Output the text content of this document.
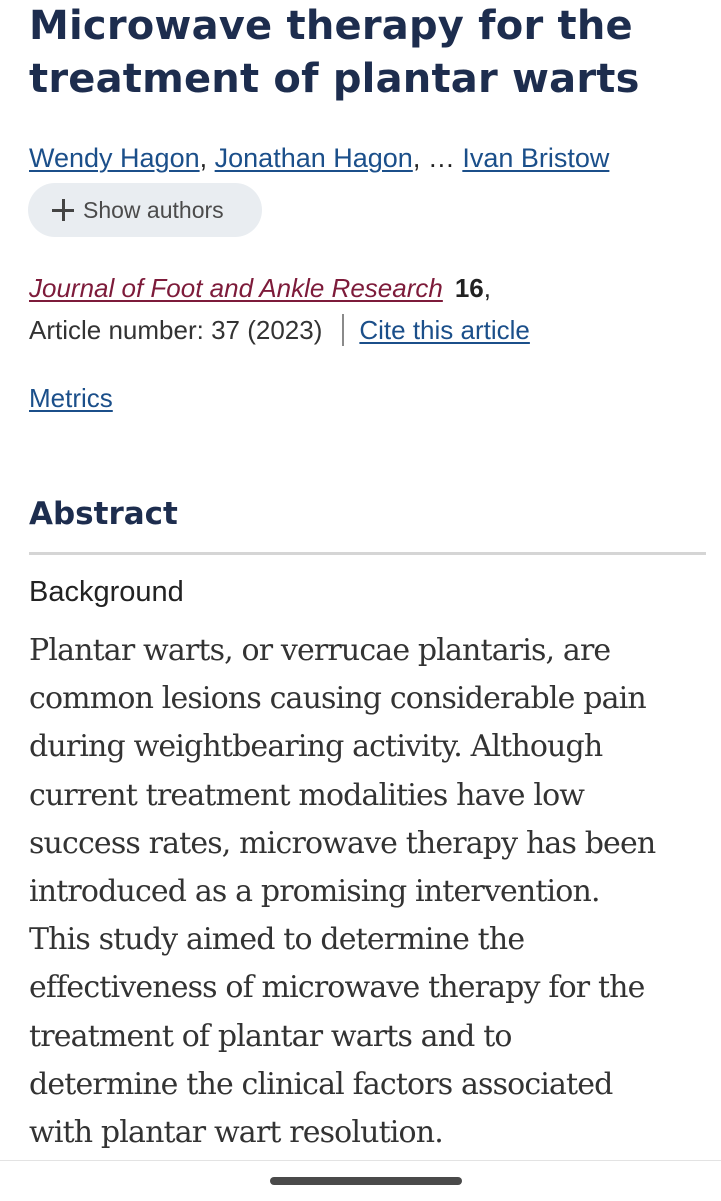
Microwave therapy for the
treatment of plantar warts
Wendy Hagon, Jonathan Hagon, … Ivan Bristow
Show authors
Journal of Foot and Ankle Research 16,
Article number: 37 (2023) Cite this article
Metrics
Abstract
Background

Plantar warts, or verrucae plantaris, are
common lesions causing considerable pain
during weightbearing activity. Although
current treatment modalities have low
success rates, microwave therapy has been
introduced as a promising intervention.
This study aimed to determine the
effectiveness of microwave therapy for the
treatment of plantar warts and to
determine the clinical factors associated
with plantar wart resolution.
